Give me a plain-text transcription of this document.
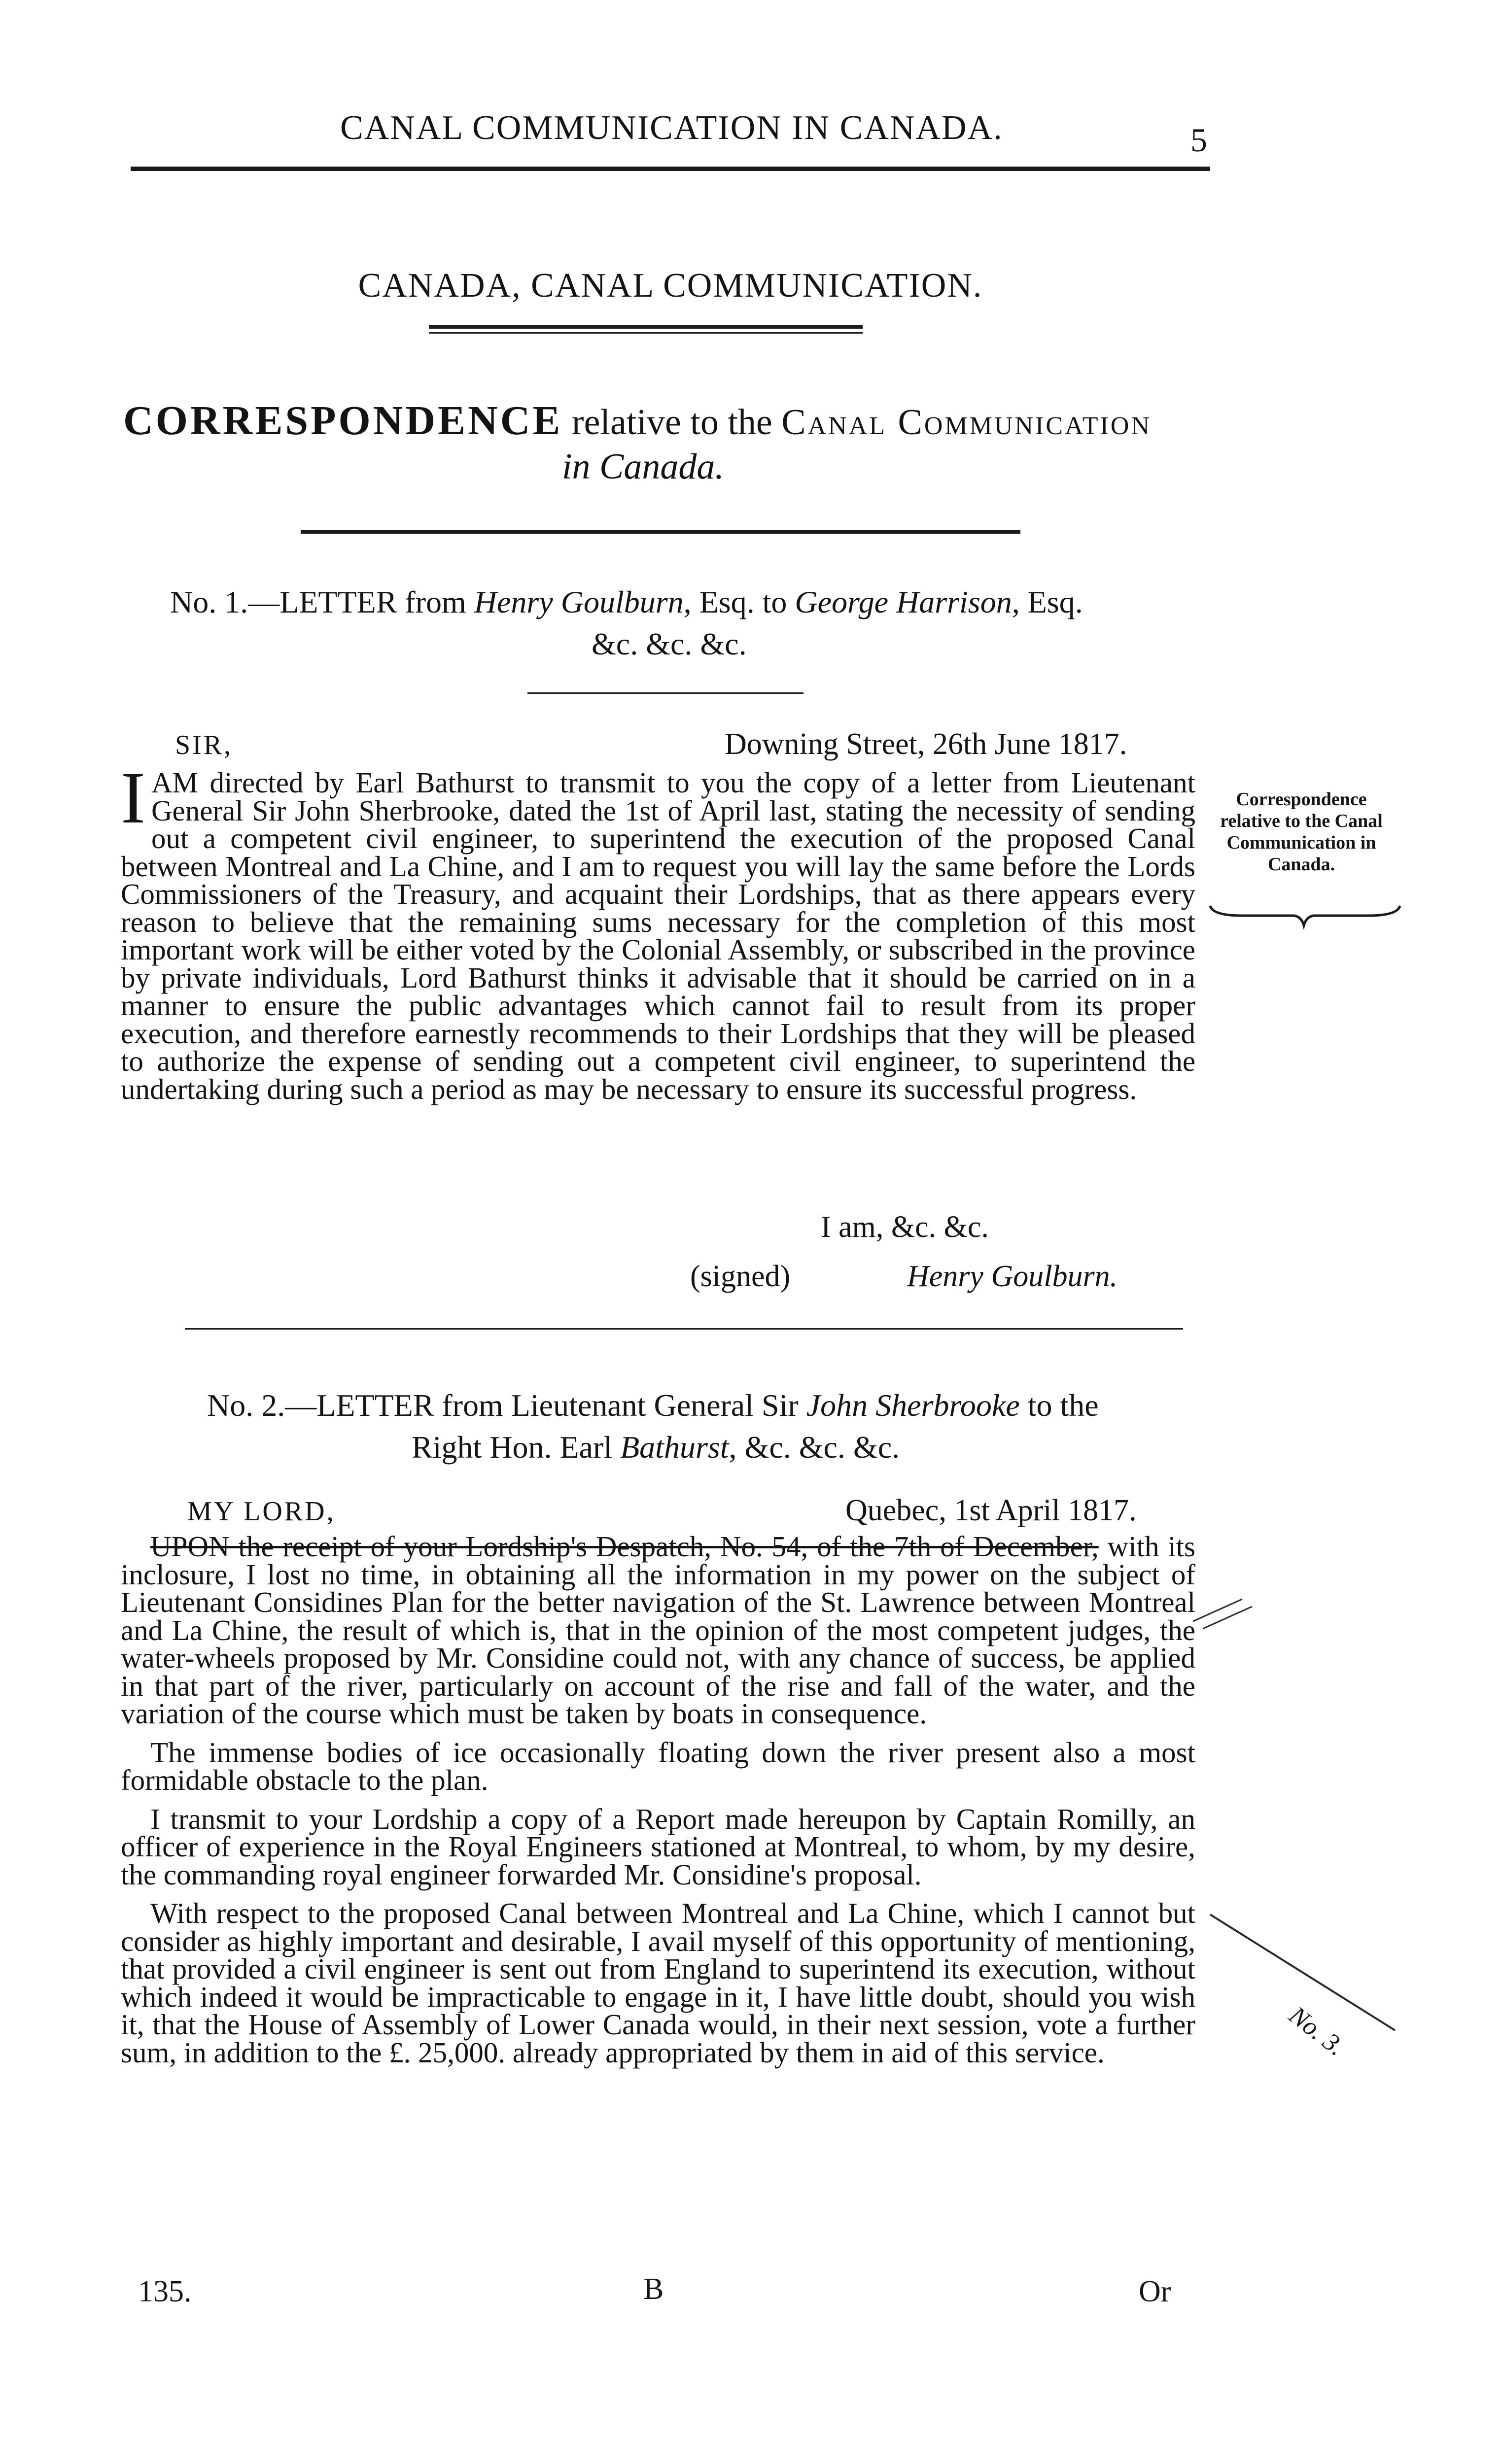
CANAL COMMUNICATION IN CANADA.	5
CANADA, CANAL COMMUNICATION.
CORRESPONDENCE relative to the Canal Communication
in Canada.
No. 1.—LETTER from Henry Goulburn, Esq. to George Harrison, Esq.
&c. &c. &c.
SIR,	Downing Street, 26th June 1817.
IAM directed by Earl Bathurst to transmit to you the copy of a letter from Lieutenant General Sir John Sherbrooke, dated the 1st of April last, stating the necessity of sending out a competent civil engineer, to superintend the execution of the proposed Canal between Montreal and La Chine, and I am to request you will lay the same before the Lords Commissioners of the Treasury, and acquaint their Lordships, that as there appears every reason to believe that the remaining sums necessary for the completion of this most important work will be either voted by the Colonial Assembly, or subscribed in the province by private individuals, Lord Bathurst thinks it advisable that it should be carried on in a manner to ensure the public advantages which cannot fail to result from its proper execution, and therefore earnestly recommends to their Lordships that they will be pleased to authorize the expense of sending out a competent civil engineer, to superintend the undertaking during such a period as may be necessary to ensure its successful progress.
Correspondence relative to the Canal Communication in Canada.
I am, &c. &c.
(signed)	Henry Goulburn.
No. 2.—LETTER from Lieutenant General Sir John Sherbrooke to the
Right Hon. Earl Bathurst, &c. &c. &c.
MY LORD,	Quebec, 1st April 1817.

UPON the receipt of your Lordship's Despatch, No. 54, of the 7th of December, with its inclosure, I lost no time, in obtaining all the information in my power on the subject of Lieutenant Considines Plan for the better navigation of the St. Lawrence between Montreal and La Chine, the result of which is, that in the opinion of the most competent judges, the water-wheels proposed by Mr. Considine could not, with any chance of success, be applied in that part of the river, particularly on account of the rise and fall of the water, and the variation of the course which must be taken by boats in consequence.

The immense bodies of ice occasionally floating down the river present also a most formidable obstacle to the plan.

I transmit to your Lordship a copy of a Report made hereupon by Captain Romilly, an officer of experience in the Royal Engineers stationed at Montreal, to whom, by my desire, the commanding royal engineer forwarded Mr. Considine's proposal.

With respect to the proposed Canal between Montreal and La Chine, which I cannot but consider as highly important and desirable, I avail myself of this opportunity of mentioning, that provided a civil engineer is sent out from England to superintend its execution, without which indeed it would be impracticable to engage in it, I have little doubt, should you wish it, that the House of Assembly of Lower Canada would, in their next session, vote a further sum, in addition to the £. 25,000. already appropriated by them in aid of this service.	No. 3.
135.	B	Or
